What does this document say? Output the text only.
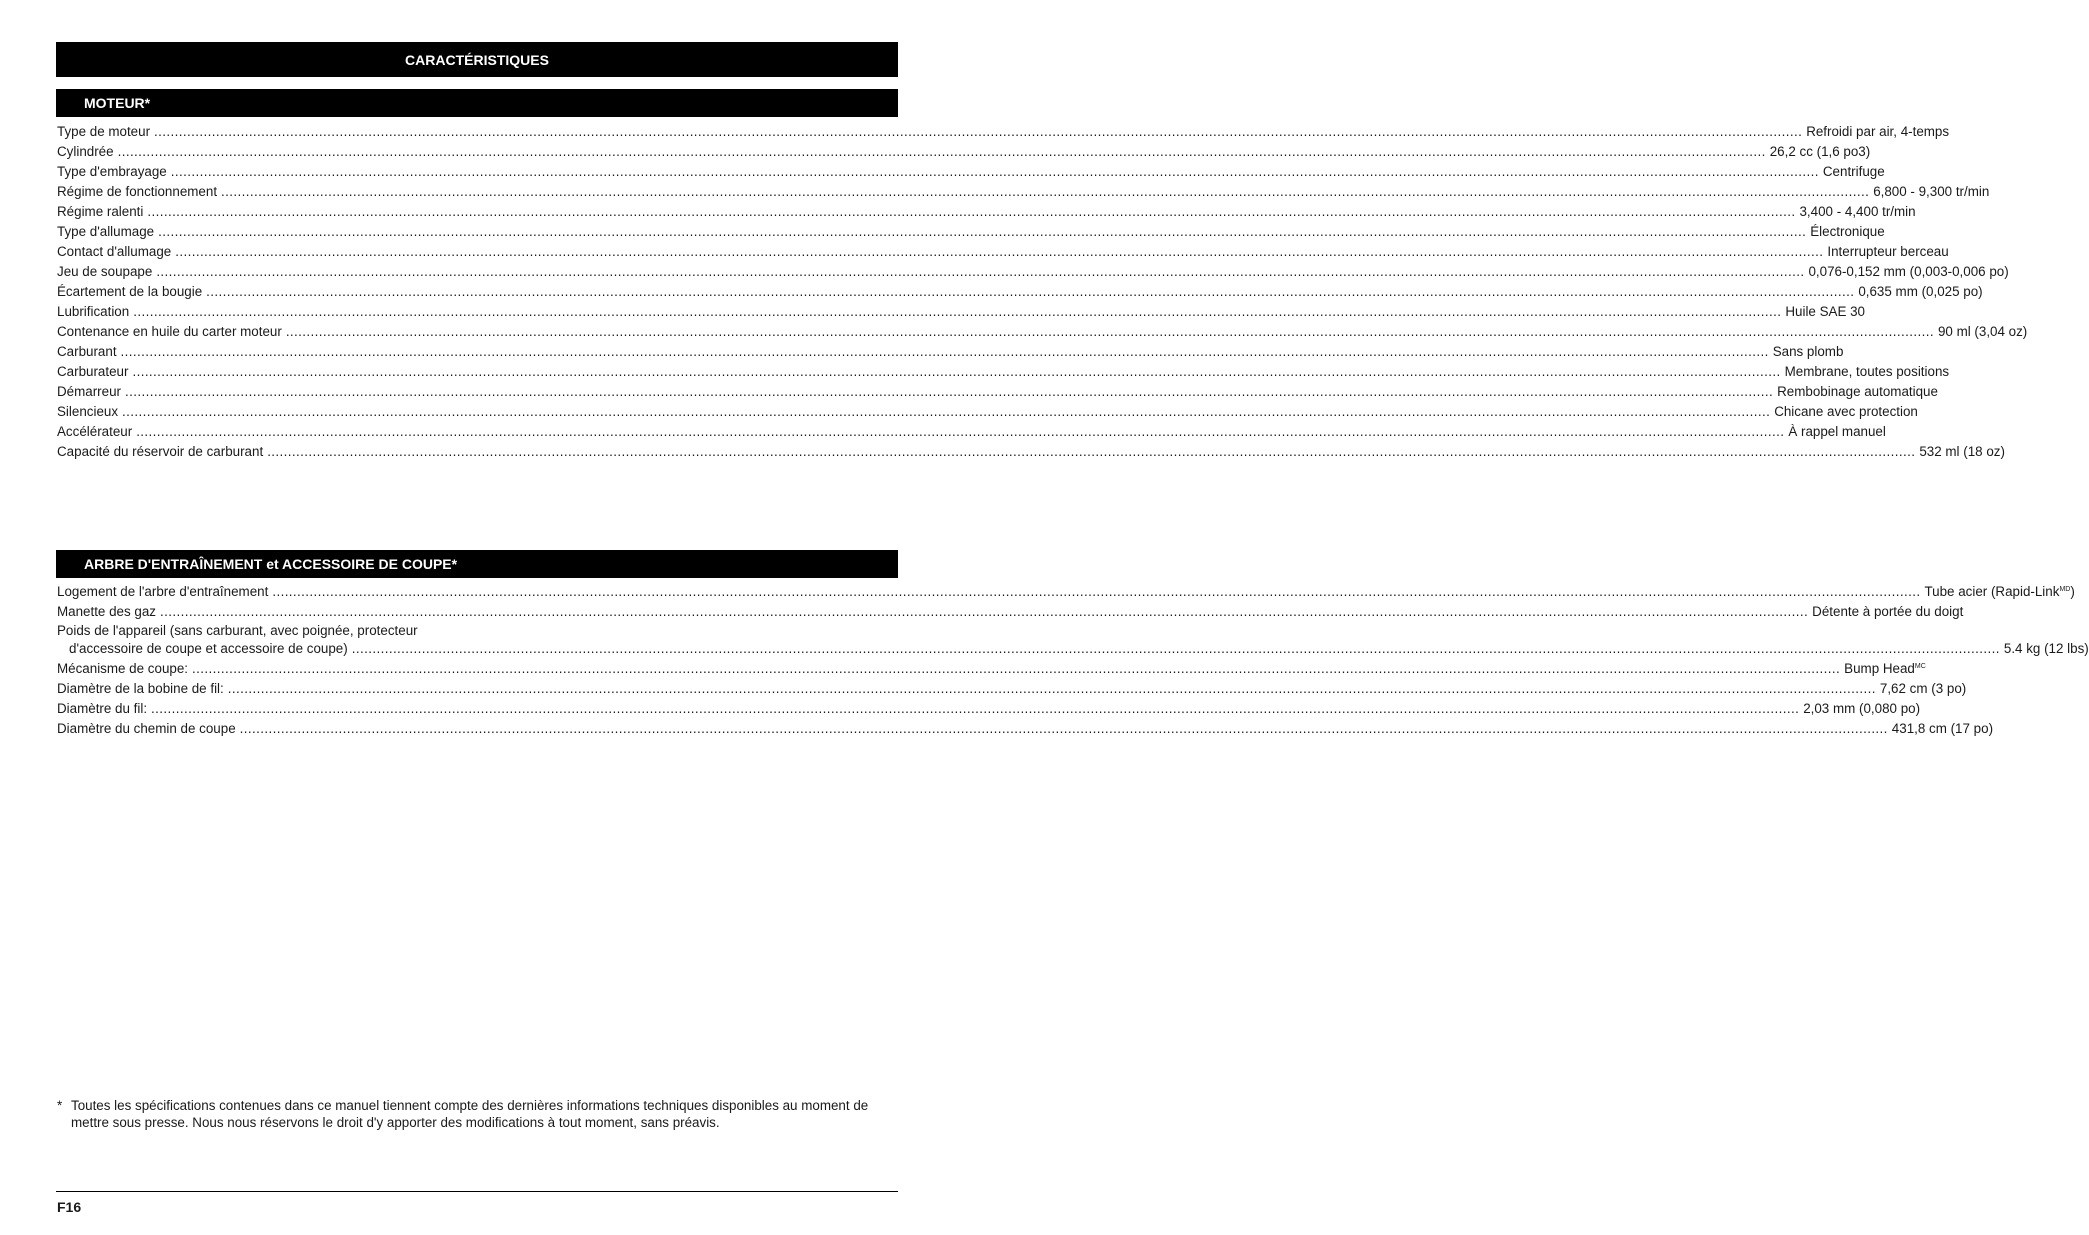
CARACTÉRISTIQUES
MOTEUR*
Type de moteur ................................................................................................................................................................................................................................................................................................................................................................................................................ Refroidi par air, 4-temps
Cylindrée ................................................................................................................................................................................................................................................................................................................................................................................................................ 26,2 cc (1,6 po3)
Type d'embrayage ................................................................................................................................................................................................................................................................................................................................................................................................................ Centrifuge
Régime de fonctionnement ................................................................................................................................................................................................................................................................................................................................................................................................................ 6,800 - 9,300 tr/min
Régime ralenti ................................................................................................................................................................................................................................................................................................................................................................................................................ 3,400 - 4,400 tr/min
Type d'allumage ................................................................................................................................................................................................................................................................................................................................................................................................................ Électronique
Contact d'allumage ................................................................................................................................................................................................................................................................................................................................................................................................................ Interrupteur berceau
Jeu de soupape ................................................................................................................................................................................................................................................................................................................................................................................................................ 0,076-0,152 mm (0,003-0,006 po)
Écartement de la bougie ................................................................................................................................................................................................................................................................................................................................................................................................................ 0,635 mm (0,025 po)
Lubrification ................................................................................................................................................................................................................................................................................................................................................................................................................ Huile SAE 30
Contenance en huile du carter moteur ................................................................................................................................................................................................................................................................................................................................................................................................................ 90 ml (3,04 oz)
Carburant ................................................................................................................................................................................................................................................................................................................................................................................................................ Sans plomb
Carburateur ................................................................................................................................................................................................................................................................................................................................................................................................................ Membrane, toutes positions
Démarreur ................................................................................................................................................................................................................................................................................................................................................................................................................ Rembobinage automatique
Silencieux ................................................................................................................................................................................................................................................................................................................................................................................................................ Chicane avec protection
Accélérateur ................................................................................................................................................................................................................................................................................................................................................................................................................ À rappel manuel
Capacité du réservoir de carburant ................................................................................................................................................................................................................................................................................................................................................................................................................ 532 ml (18 oz)
ARBRE D'ENTRAÎNEMENT et ACCESSOIRE DE COUPE*
Logement de l'arbre d'entraînement ................................................................................................................................................................................................................................................................................................................................................................................................................ Tube acier (Rapid-Link$^{MD}$)
Manette des gaz ................................................................................................................................................................................................................................................................................................................................................................................................................ Détente à portée du doigt
Poids de l'appareil (sans carburant, avec poignée, protecteur
d'accessoire de coupe et accessoire de coupe) ................................................................................................................................................................................................................................................................................................................................................................................................................ 5.4 kg (12 lbs)
Mécanisme de coupe: ................................................................................................................................................................................................................................................................................................................................................................................................................ Bump Head$^{MC}$
Diamètre de la bobine de fil: ................................................................................................................................................................................................................................................................................................................................................................................................................ 7,62 cm (3 po)
Diamètre du fil: ................................................................................................................................................................................................................................................................................................................................................................................................................ 2,03 mm (0,080 po)
Diamètre du chemin de coupe ................................................................................................................................................................................................................................................................................................................................................................................................................ 431,8 cm (17 po)
* Toutes les spécifications contenues dans ce manuel tiennent compte des dernières informations techniques disponibles au moment de mettre sous presse. Nous nous réservons le droit d'y apporter des modifications à tout moment, sans préavis.
F16
